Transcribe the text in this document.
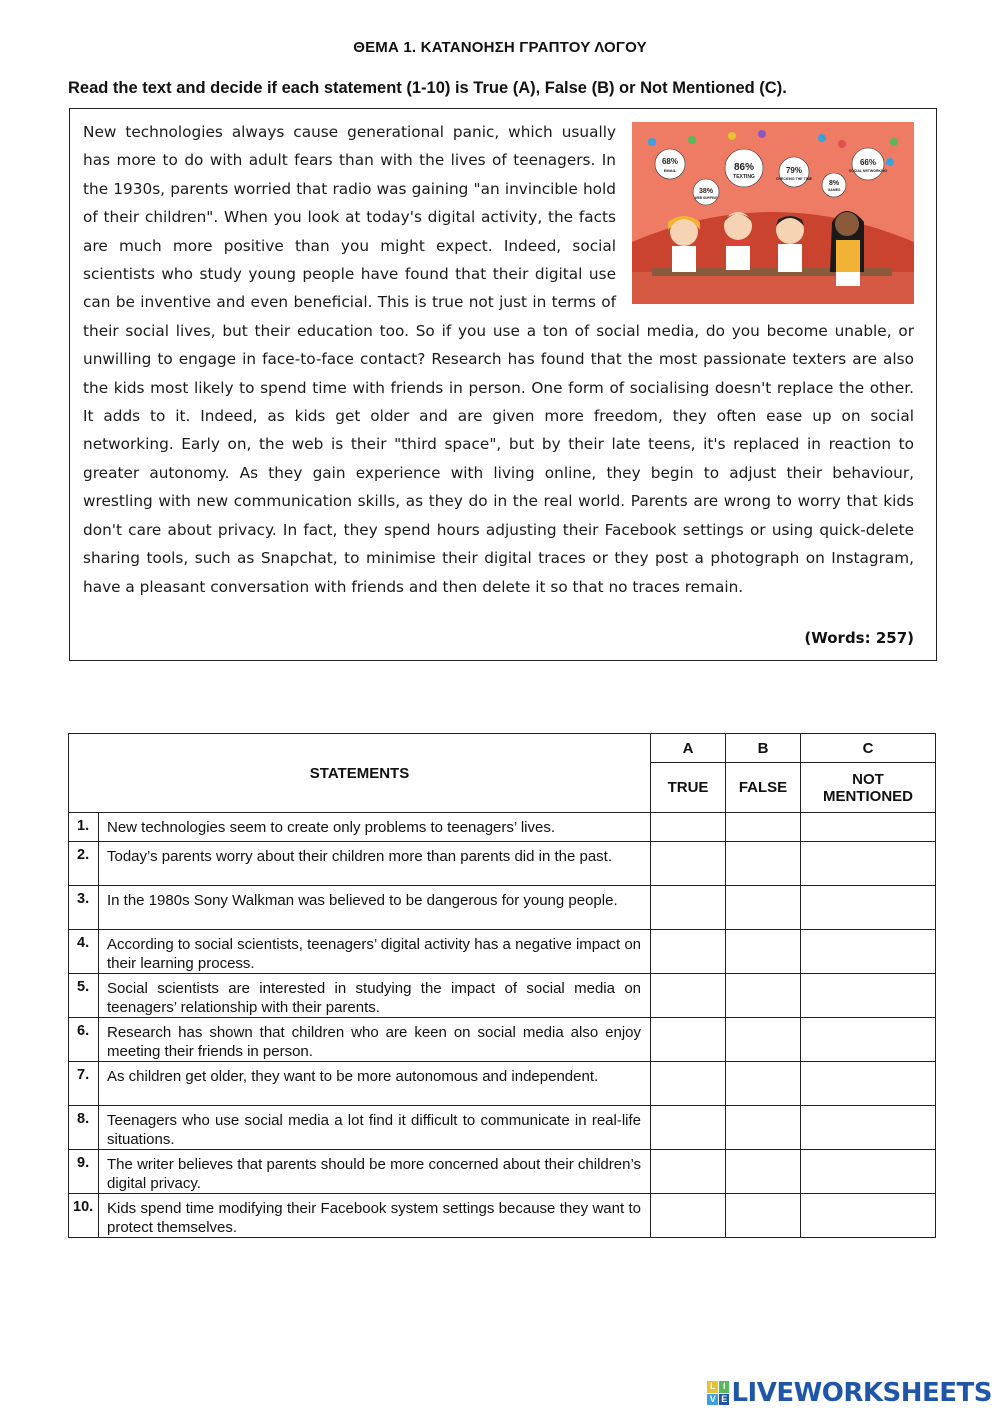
ΘΕΜΑ 1. ΚΑΤΑΝΟΗΣΗ ΓΡΑΠΤΟΥ ΛΟΓΟΥ
Read the text and decide if each statement (1-10) is True (A), False (B) or Not Mentioned (C).
68%
EMAIL	86%
TEXTING
79%
CHECKING THE TIME
66%
SOCIAL NETWORKING
38%
WEB SURFING
8%
GAMES

New technologies always cause generational panic, which usually has more to do with adult fears than with the lives of teenagers. In the 1930s, parents worried that radio was gaining "an invincible hold of their children". When you look at today's digital activity, the facts are much more positive than you might expect. Indeed, social scientists who study young people have found that their digital use can be inventive and even beneficial. This is true not just in terms of their social lives, but their education too. So if you use a ton of social media, do you become unable, or unwilling to engage in face-to-face contact? Research has found that the most passionate texters are also the kids most likely to spend time with friends in person. One form of socialising doesn't replace the other. It adds to it. Indeed, as kids get older and are given more freedom, they often ease up on social networking. Early on, the web is their "third space", but by their late teens, it's replaced in reaction to greater autonomy. As they gain experience with living online, they begin to adjust their behaviour, wrestling with new communication skills, as they do in the real world. Parents are wrong to worry that kids don't care about privacy. In fact, they spend hours adjusting their Facebook settings or using quick-delete sharing tools, such as Snapchat, to minimise their digital traces or they post a photograph on Instagram, have a pleasant conversation with friends and then delete it so that no traces remain.

(Words: 257)
STATEMENTS		A	B	C
		TRUE	FALSE	NOT MENTIONED
1.	New technologies seem to create only problems to teenagers’ lives.			
2.	Today’s parents worry about their children more than parents did in the past.			
3.	In the 1980s Sony Walkman was believed to be dangerous for young people.			
4.	According to social scientists, teenagers’ digital activity has a negative impact on their learning process.			
5.	Social scientists are interested in studying the impact of social media on teenagers’ relationship with their parents.			
6.	Research has shown that children who are keen on social media also enjoy meeting their friends in person.			
7.	As children get older, they want to be more autonomous and independent.			
8.	Teenagers who use social media a lot find it difficult to communicate in real-life situations.			
9.	The writer believes that parents should be more concerned about their children’s digital privacy.			
10.	Kids spend time modifying their Facebook system settings because they want to protect themselves.			
L I
V E LIVEWORKSHEETS
